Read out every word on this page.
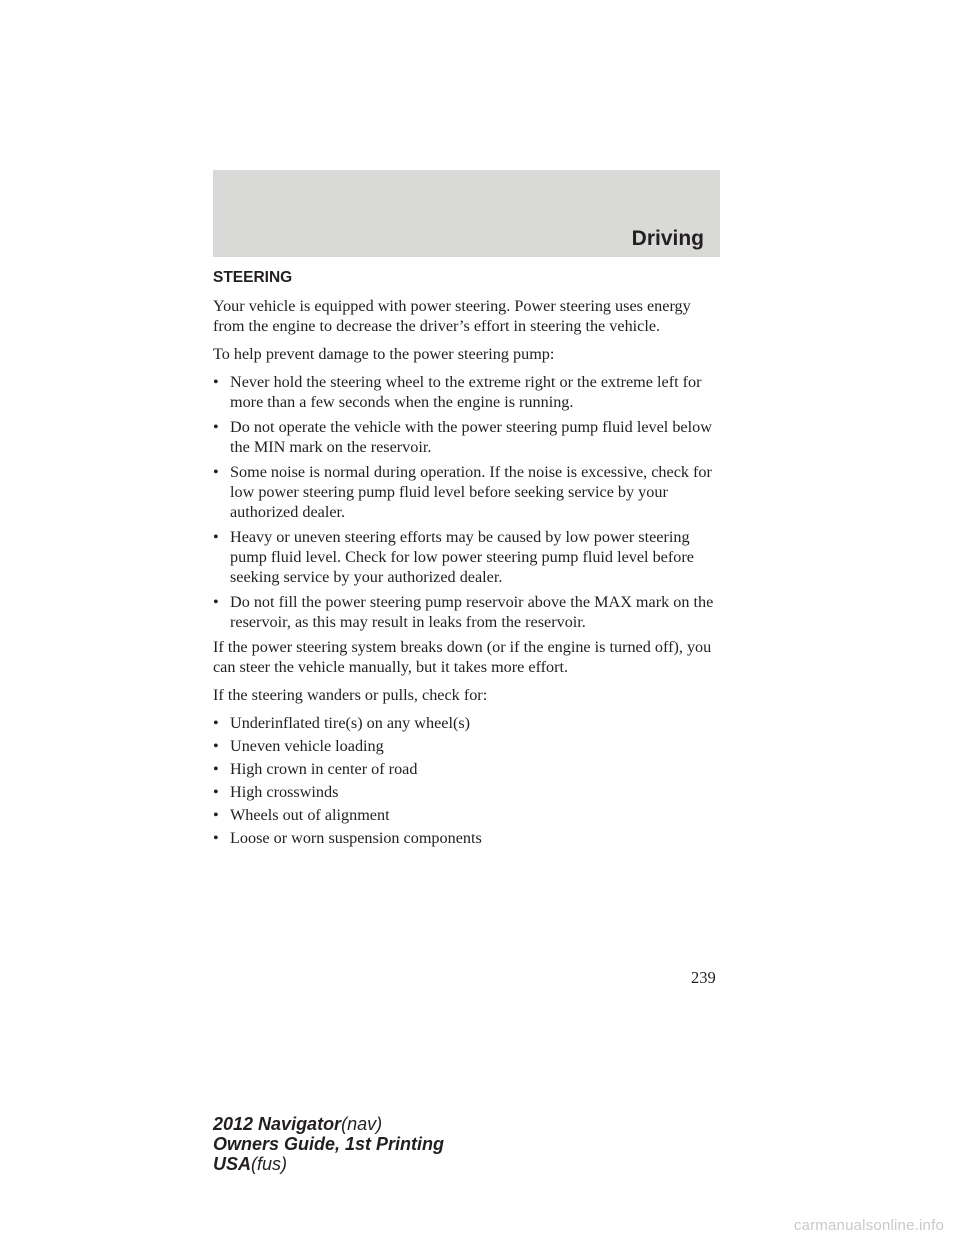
Driving
STEERING

Your vehicle is equipped with power steering. Power steering uses energy from the engine to decrease the driver’s effort in steering the vehicle.

To help prevent damage to the power steering pump:

• Never hold the steering wheel to the extreme right or the extreme left for more than a few seconds when the engine is running.
• Do not operate the vehicle with the power steering pump fluid level below the MIN mark on the reservoir.
• Some noise is normal during operation. If the noise is excessive, check for low power steering pump fluid level before seeking service by your authorized dealer.
• Heavy or uneven steering efforts may be caused by low power steering pump fluid level. Check for low power steering pump fluid level before seeking service by your authorized dealer.
• Do not fill the power steering pump reservoir above the MAX mark on the reservoir, as this may result in leaks from the reservoir.

If the power steering system breaks down (or if the engine is turned off), you can steer the vehicle manually, but it takes more effort.

If the steering wanders or pulls, check for:

• Underinflated tire(s) on any wheel(s)
• Uneven vehicle loading
• High crown in center of road
• High crosswinds
• Wheels out of alignment
• Loose or worn suspension components
239
2012 Navigator(nav)
Owners Guide, 1st Printing
USA(fus)
carmanualsonline.info
